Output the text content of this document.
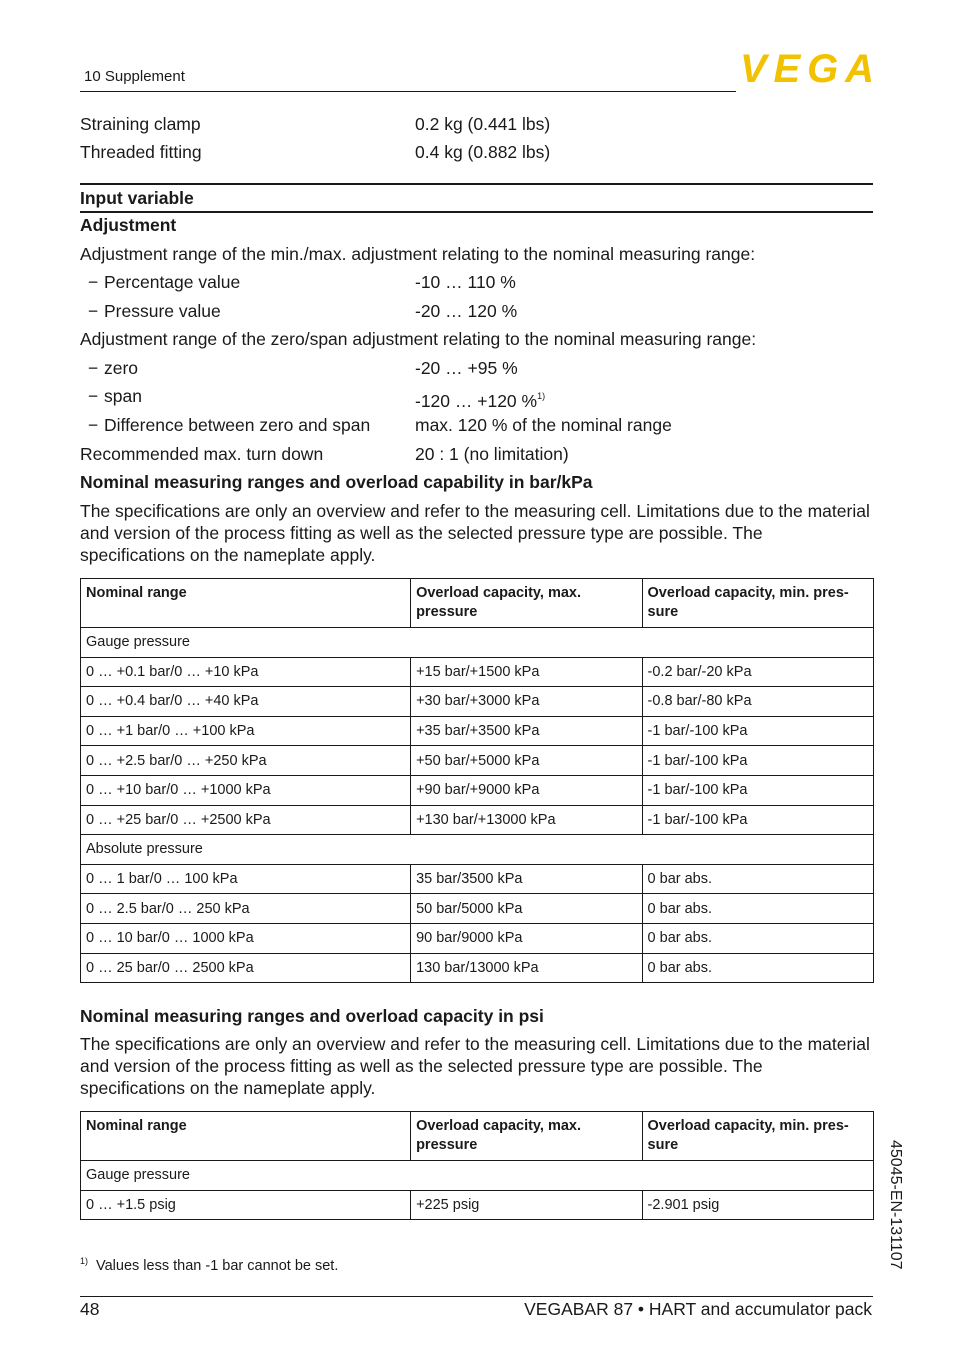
10 Supplement	VEGA
Straining clamp	0.2 kg (0.441 lbs)
Threaded fitting	0.4 kg (0.882 lbs)
Input variable
Adjustment
Adjustment range of the min./max. adjustment relating to the nominal measuring range:
− Percentage value	-10 … 110 %
− Pressure value	-20 … 120 %
Adjustment range of the zero/span adjustment relating to the nominal measuring range:
− zero	-20 … +95 %
− span	-120 … +120 %$^{1)}$
− Difference between zero and span	max. 120 % of the nominal range
Recommended max. turn down	20 : 1 (no limitation)
Nominal measuring ranges and overload capability in bar/kPa
The specifications are only an overview and refer to the measuring cell. Limitations due to the material and version of the process fitting as well as the selected pressure type are possible. The specifications on the nameplate apply.
Nominal range	Overload capacity, max. pressure	Overload capacity, min. pres- sure
Gauge pressure		
0 … +0.1 bar/0 … +10 kPa	+15 bar/+1500 kPa	-0.2 bar/-20 kPa
0 … +0.4 bar/0 … +40 kPa	+30 bar/+3000 kPa	-0.8 bar/-80 kPa
0 … +1 bar/0 … +100 kPa	+35 bar/+3500 kPa	-1 bar/-100 kPa
0 … +2.5 bar/0 … +250 kPa	+50 bar/+5000 kPa	-1 bar/-100 kPa
0 … +10 bar/0 … +1000 kPa	+90 bar/+9000 kPa	-1 bar/-100 kPa
0 … +25 bar/0 … +2500 kPa	+130 bar/+13000 kPa	-1 bar/-100 kPa
Absolute pressure		
0 … 1 bar/0 … 100 kPa	35 bar/3500 kPa	0 bar abs.
0 … 2.5 bar/0 … 250 kPa	50 bar/5000 kPa	0 bar abs.
0 … 10 bar/0 … 1000 kPa	90 bar/9000 kPa	0 bar abs.
0 … 25 bar/0 … 2500 kPa	130 bar/13000 kPa	0 bar abs.
Nominal measuring ranges and overload capacity in psi
The specifications are only an overview and refer to the measuring cell. Limitations due to the material and version of the process fitting as well as the selected pressure type are possible. The specifications on the nameplate apply.
Nominal range	Overload capacity, max. pressure	Overload capacity, min. pres- sure
Gauge pressure		
0 … +1.5 psig	+225 psig	-2.901 psig
$^{1)}$ Values less than -1 bar cannot be set.	45045-EN-131107
48	VEGABAR 87 • HART and accumulator pack
